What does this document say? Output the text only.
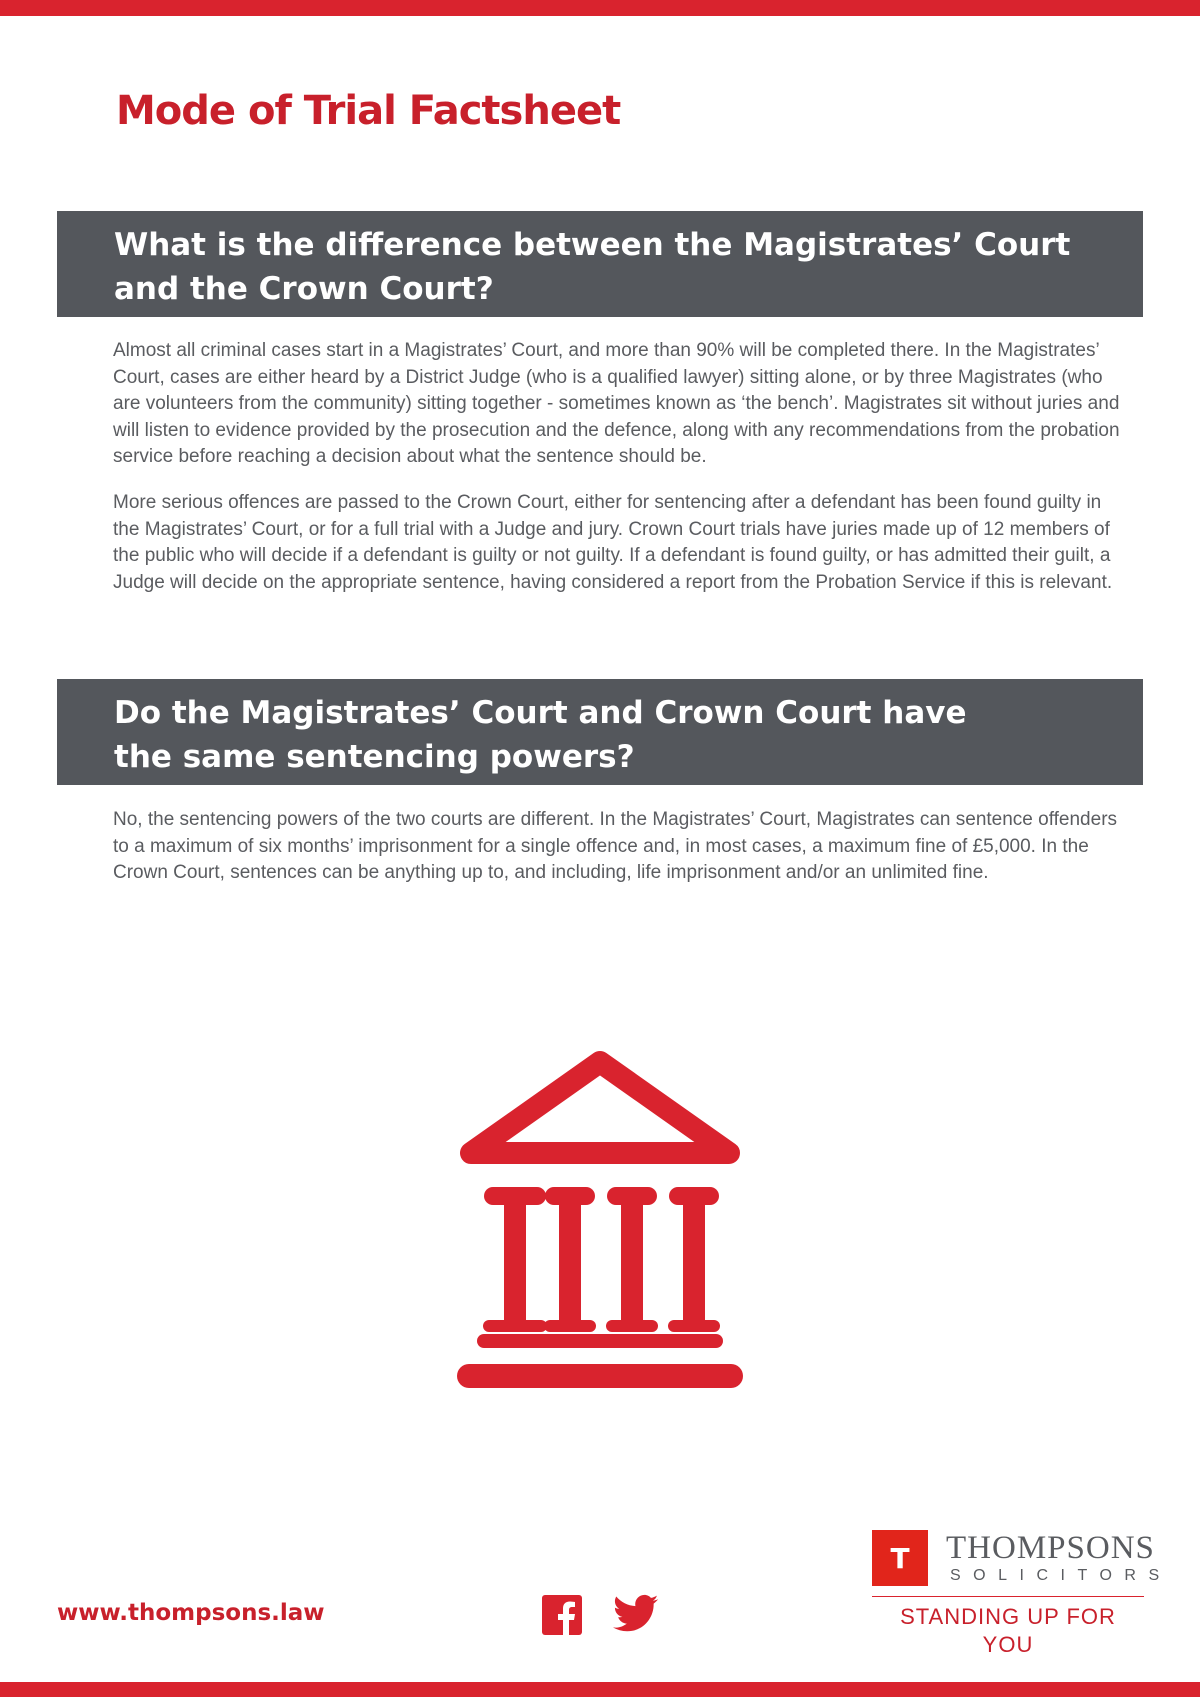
Mode of Trial Factsheet
What is the difference between the Magistrates’ Court
and the Crown Court?

Almost all criminal cases start in a Magistrates’ Court, and more than 90% will be completed there. In the Magistrates’ Court, cases are either heard by a District Judge (who is a qualified lawyer) sitting alone, or by three Magistrates (who are volunteers from the community) sitting together - sometimes known as ‘the bench’. Magistrates sit without juries and will listen to evidence provided by the prosecution and the defence, along with any recommendations from the probation service before reaching a decision about what the sentence should be.

More serious offences are passed to the Crown Court, either for sentencing after a defendant has been found guilty in the Magistrates’ Court, or for a full trial with a Judge and jury. Crown Court trials have juries made up of 12 members of the public who will decide if a defendant is guilty or not guilty. If a defendant is found guilty, or has admitted their guilt, a Judge will decide on the appropriate sentence, having considered a report from the Probation Service if this is relevant.

Do the Magistrates’ Court and Crown Court have
the same sentencing powers?

No, the sentencing powers of the two courts are different. In the Magistrates’ Court, Magistrates can sentence offenders to a maximum of six months’ imprisonment for a single offence and, in most cases, a maximum fine of £5,000. In the Crown Court, sentences can be anything up to, and including, life imprisonment and/or an unlimited fine.

www.thompsons.law
T	THOMPSONS
SOLICITORS
STANDING UP FOR YOU
